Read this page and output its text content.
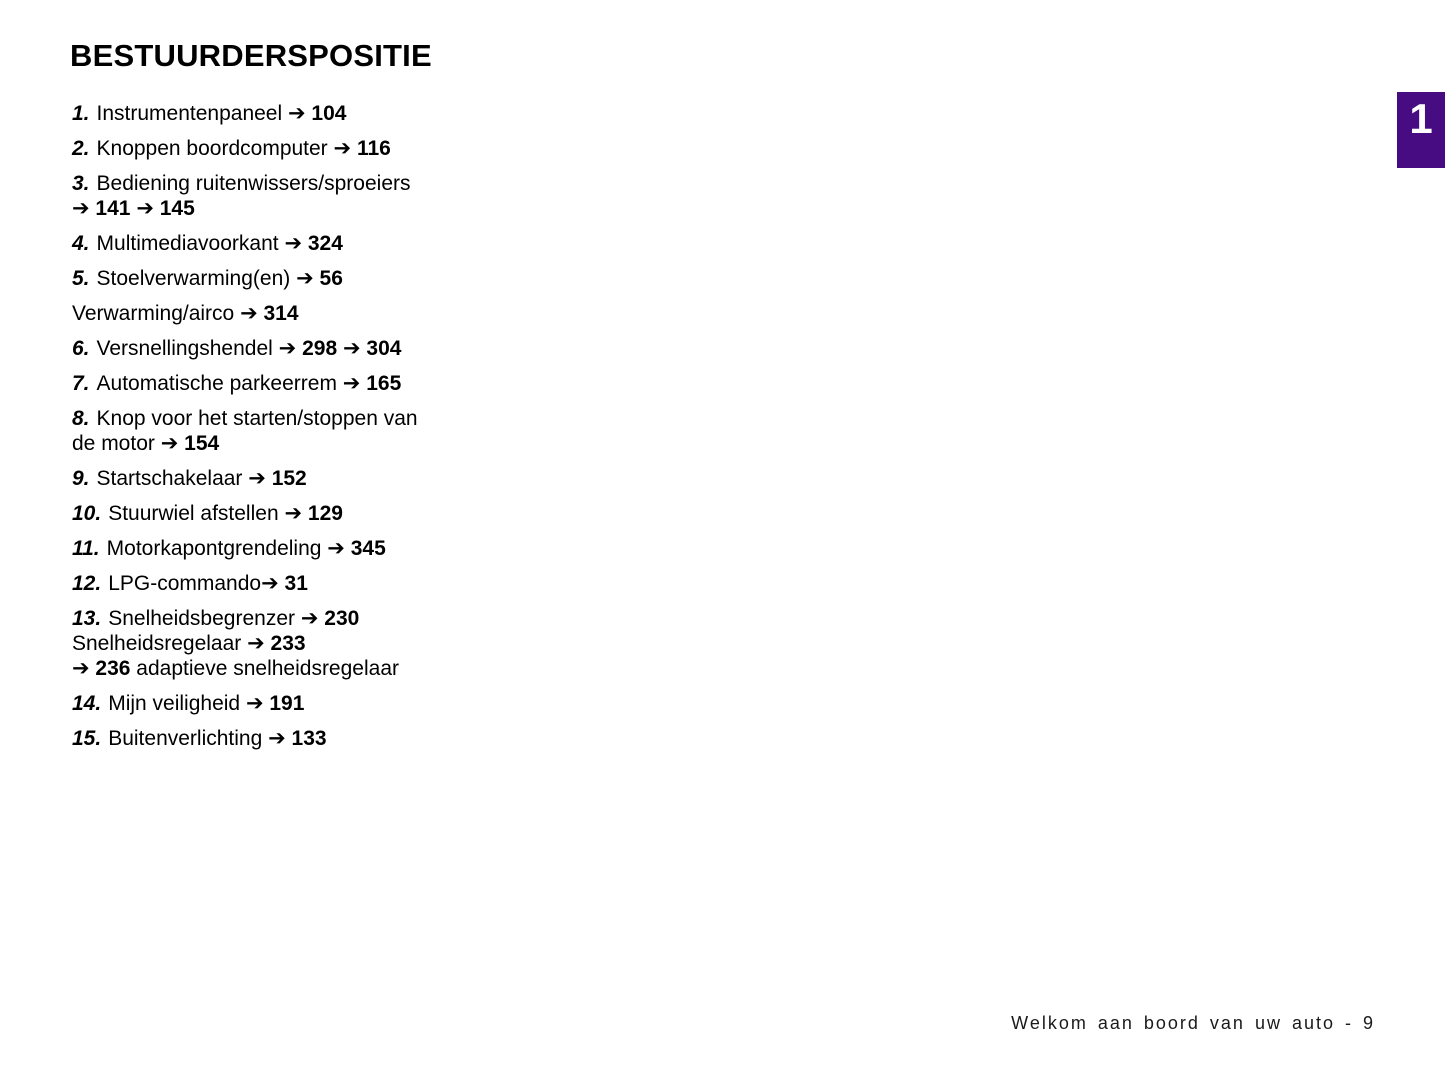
BESTUURDERSPOSITIE

1. Instrumentenpaneel ➔ 104

2. Knoppen boordcomputer ➔ 116

3. Bediening ruitenwissers/sproeiers
➔ 141 ➔ 145

4. Multimediavoorkant ➔ 324

5. Stoelverwarming(en) ➔ 56

Verwarming/airco ➔ 314

6. Versnellingshendel ➔ 298 ➔ 304

7. Automatische parkeerrem ➔ 165

8. Knop voor het starten/stoppen van
de motor ➔ 154

9. Startschakelaar ➔ 152

10. Stuurwiel afstellen ➔ 129

11. Motorkapontgrendeling ➔ 345

12. LPG-commando➔ 31

13. Snelheidsbegrenzer ➔ 230
Snelheidsregelaar ➔ 233
➔ 236 adaptieve snelheidsregelaar

14. Mijn veiligheid ➔ 191

15. Buitenverlichting ➔ 133

1
Welkom aan boord van uw auto - 9
